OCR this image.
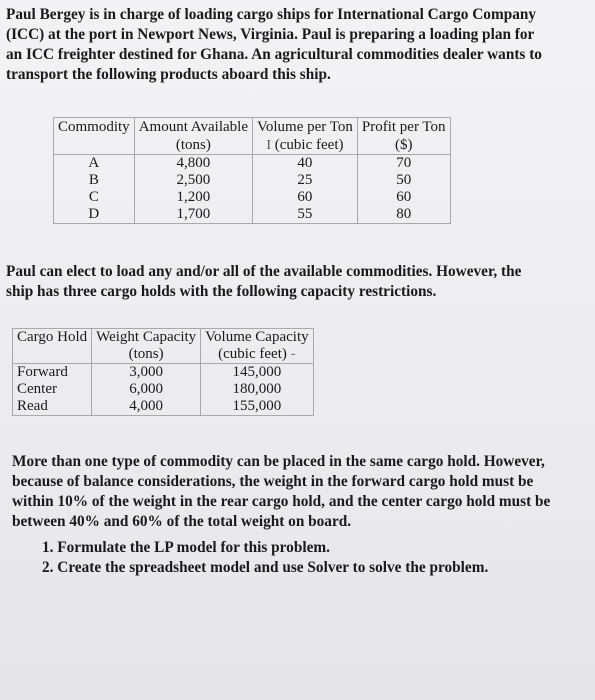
Paul Bergey is in charge of loading cargo ships for International Cargo Company
(ICC) at the port in Newport News, Virginia. Paul is preparing a loading plan for
an ICC freighter destined for Ghana. An agricultural commodities dealer wants to
transport the following products aboard this ship.
Commodity	Amount Available	Volume per Ton	Profit per Ton
	(tons)	I (cubic feet)	($)
A	4,800	40	70
B	2,500	25	50
C	1,200	60	60
D	1,700	55	80
Paul can elect to load any and/or all of the available commodities. However, the
ship has three cargo holds with the following capacity restrictions.
Cargo Hold	Weight Capacity	Volume Capacity
	(tons)	(cubic feet) -
Forward	3,000	145,000
Center	6,000	180,000
Read	4,000	155,000
More than one type of commodity can be placed in the same cargo hold. However,
because of balance considerations, the weight in the forward cargo hold must be
within 10% of the weight in the rear cargo hold, and the center cargo hold must be
between 40% and 60% of the total weight on board.
1. Formulate the LP model for this problem.
2. Create the spreadsheet model and use Solver to solve the problem.
